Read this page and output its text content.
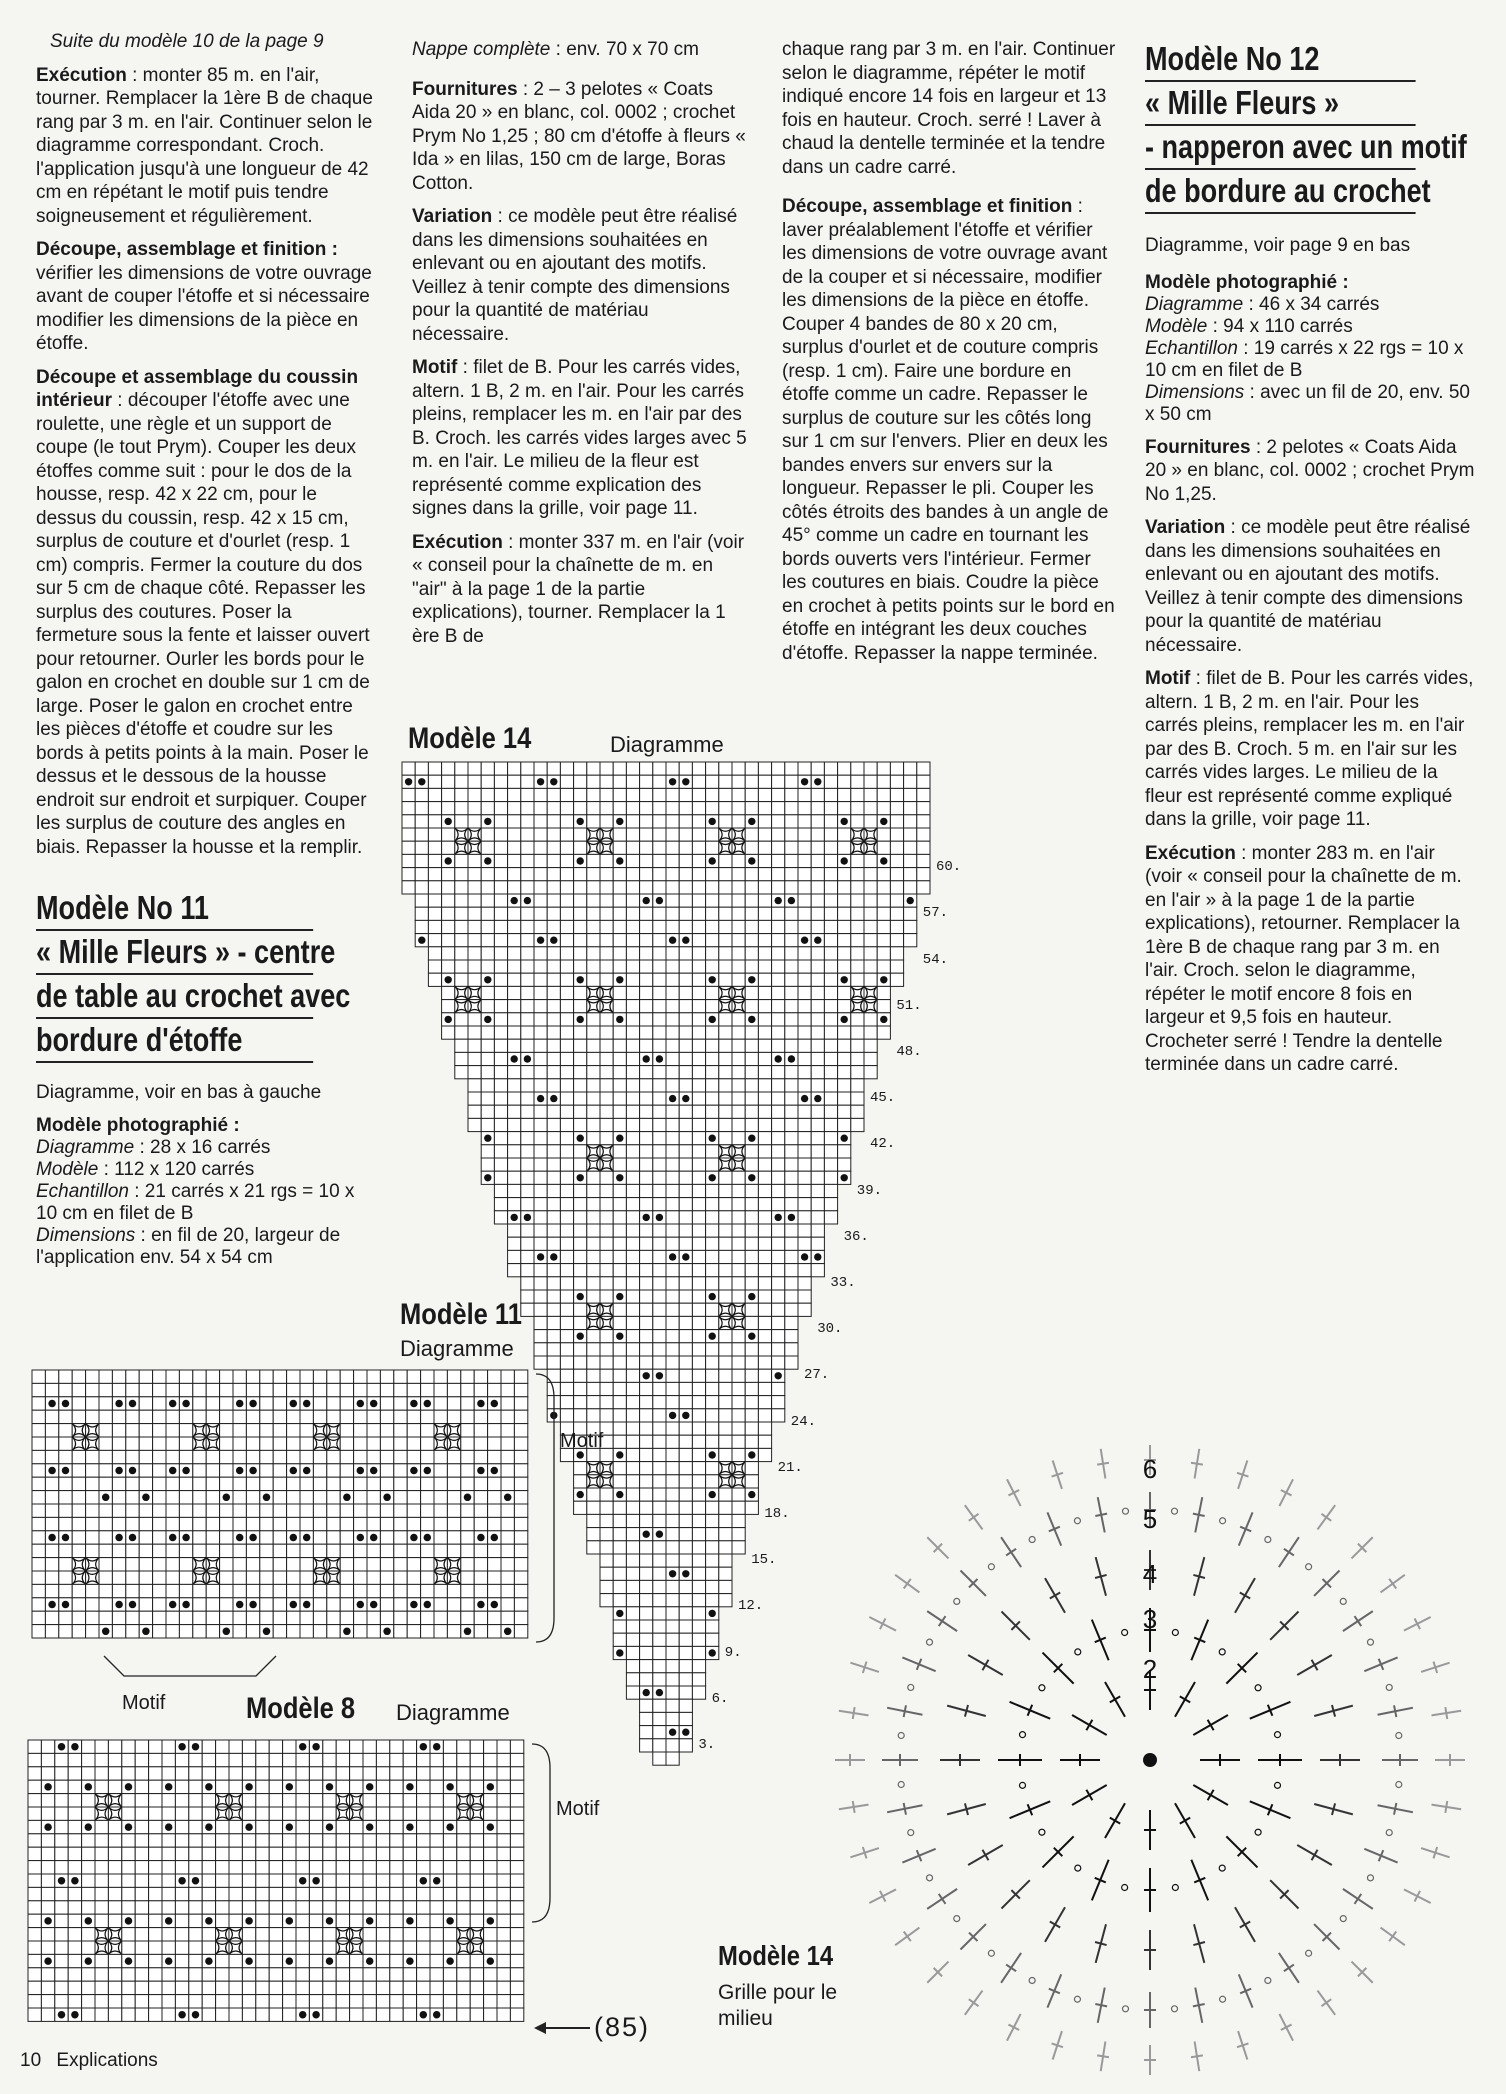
Suite du modèle 10 de la page 9

Exécution : monter 85 m. en l'air, tourner. Remplacer la 1ère B de chaque rang par 3 m. en l'air. Continuer selon le diagramme correspondant. Croch. l'application jusqu'à une longueur de 42 cm en répétant le motif puis tendre soigneusement et régulièrement.

Découpe, assemblage et finition : vérifier les dimensions de votre ouvrage avant de couper l'étoffe et si nécessaire modifier les dimensions de la pièce en étoffe.

Découpe et assemblage du coussin intérieur : découper l'étoffe avec une roulette, une règle et un support de coupe (le tout Prym). Couper les deux étoffes comme suit : pour le dos de la housse, resp. 42 x 22 cm, pour le dessus du coussin, resp. 42 x 15 cm, surplus de couture et d'ourlet (resp. 1 cm) compris. Fermer la couture du dos sur 5 cm de chaque côté. Repasser les surplus des coutures. Poser la fermeture sous la fente et laisser ouvert pour retourner. Ourler les bords pour le galon en crochet en double sur 1 cm de large. Poser le galon en crochet entre les pièces d'étoffe et coudre sur les bords à petits points à la main. Poser le dessus et le dessous de la housse endroit sur endroit et surpiquer. Couper les surplus de couture des angles en biais. Repasser la housse et la remplir.

Modèle No 11
« Mille Fleurs » - centre
de table au crochet avec
bordure d'étoffe

Diagramme, voir en bas à gauche

Modèle photographié :
Diagramme : 28 x 16 carrés
Modèle : 112 x 120 carrés
Echantillon : 21 carrés x 21 rgs = 10 x 10 cm en filet de B
Dimensions : en fil de 20, largeur de l'application env. 54 x 54 cm

Nappe complète : env. 70 x 70 cm

Fournitures : 2 – 3 pelotes « Coats Aida 20 » en blanc, col. 0002 ; crochet Prym No 1,25 ; 80 cm d'étoffe à fleurs « Ida » en lilas, 150 cm de large, Boras Cotton.

Variation : ce modèle peut être réalisé dans les dimensions souhaitées en enlevant ou en ajoutant des motifs. Veillez à tenir compte des dimensions pour la quantité de matériau nécessaire.

Motif : filet de B. Pour les carrés vides, altern. 1 B, 2 m. en l'air. Pour les carrés pleins, remplacer les m. en l'air par des B. Croch. les carrés vides larges avec 5 m. en l'air. Le milieu de la fleur est représenté comme explication des signes dans la grille, voir page 11.

Exécution : monter 337 m. en l'air (voir « conseil pour la chaînette de m. en "air" à la page 1 de la partie explications), tourner. Remplacer la 1 ère B de

chaque rang par 3 m. en l'air. Continuer selon le diagramme, répéter le motif indiqué encore 14 fois en largeur et 13 fois en hauteur. Croch. serré ! Laver à chaud la dentelle terminée et la tendre dans un cadre carré.

Découpe, assemblage et finition : laver préalablement l'étoffe et vérifier les dimensions de votre ouvrage avant de la couper et si nécessaire, modifier les dimensions de la pièce en étoffe. Couper 4 bandes de 80 x 20 cm, surplus d'ourlet et de couture compris (resp. 1 cm). Faire une bordure en étoffe comme un cadre. Repasser le surplus de couture sur les côtés long sur 1 cm sur l'envers. Plier en deux les bandes envers sur envers sur la longueur. Repasser le pli. Couper les côtés étroits des bandes à un angle de 45° comme un cadre en tournant les bords ouverts vers l'intérieur. Fermer les coutures en biais. Coudre la pièce en crochet à petits points sur le bord en étoffe en intégrant les deux couches d'étoffe. Repasser la nappe terminée.

Modèle No 12
« Mille Fleurs »
- napperon avec un motif
de bordure au crochet

Diagramme, voir page 9 en bas

Modèle photographié :
Diagramme : 46 x 34 carrés
Modèle : 94 x 110 carrés
Echantillon : 19 carrés x 22 rgs = 10 x 10 cm en filet de B
Dimensions : avec un fil de 20, env. 50 x 50 cm

Fournitures : 2 pelotes « Coats Aida 20 » en blanc, col. 0002 ; crochet Prym No 1,25.

Variation : ce modèle peut être réalisé dans les dimensions souhaitées en enlevant ou en ajoutant des motifs. Veillez à tenir compte des dimensions pour la quantité de matériau nécessaire.

Motif : filet de B. Pour les carrés vides, altern. 1 B, 2 m. en l'air. Pour les carrés pleins, remplacer les m. en l'air par des B. Croch. 5 m. en l'air sur les carrés vides larges. Le milieu de la fleur est représenté comme expliqué dans la grille, voir page 11.

Exécution : monter 283 m. en l'air (voir « conseil pour la chaînette de m. en l'air » à la page 1 de la partie explications), retourner. Remplacer la 1ère B de chaque rang par 3 m. en l'air. Croch. selon le diagramme, répéter le motif encore 8 fois en largeur et 9,5 fois en hauteur. Crocheter serré ! Tendre la dentelle terminée dans un cadre carré.

Modèle 14	Diagramme
60.
57.
54.
51.
48.
45.
42.
39.
36.
33.
30.
27.
24.
21.
18.
15.
12.
9.
6.
3.
Modèle 11
Diagramme
Motif
Motif	Modèle 8 Diagramme
Motif
(85)
Modèle 14
Grille pour le milieu
6
5
4
3
2
10 Explications
